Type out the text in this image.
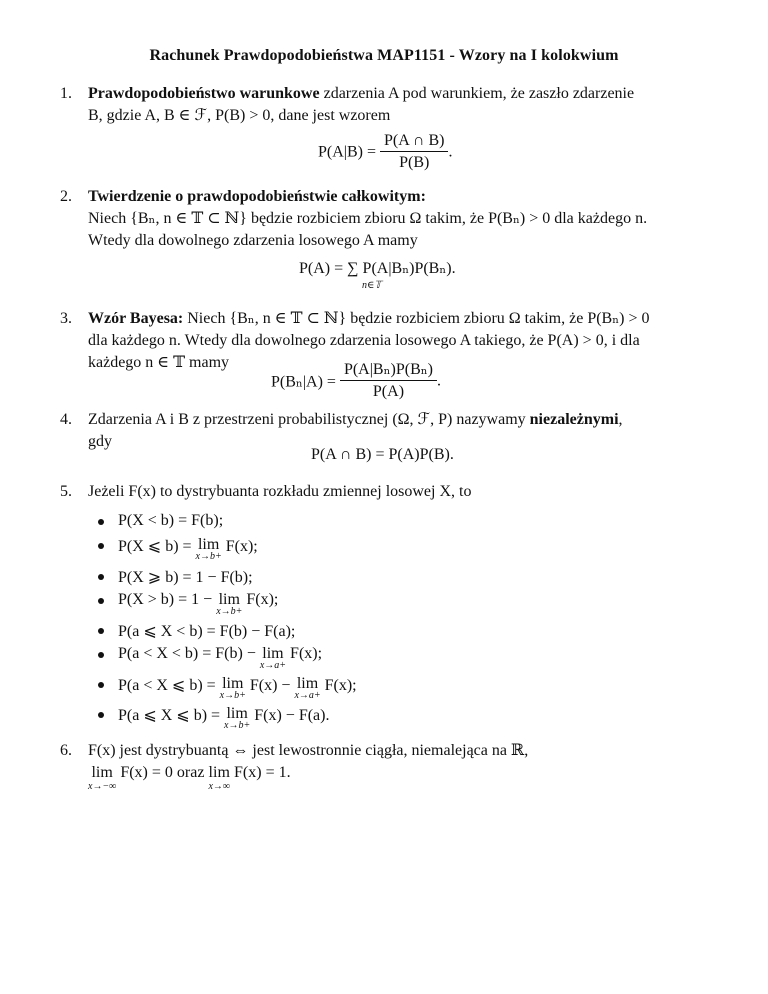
Rachunek Prawdopodobieństwa MAP1151 - Wzory na I kolokwium
1. Prawdopodobieństwo warunkowe zdarzenia A pod warunkiem, że zaszło zdarzenie
B, gdzie A, B ∈ ℱ, P(B) > 0, dane jest wzorem
$P(A|B) = \frac{P(A \cap B)}{P(B)}$ .
2. Twierdzenie o prawdopodobieństwie całkowitym:
Niech {Bₙ, n ∈ 𝕋 ⊂ ℕ} będzie rozbiciem zbioru Ω takim, że P(Bₙ) > 0 dla każdego n.
Wtedy dla dowolnego zdarzenia losowego A mamy
P(A) = ∑ P(A|Bₙ)P(Bₙ).
n∈𝕋
3. Wzór Bayesa: Niech {Bₙ, n ∈ 𝕋 ⊂ ℕ} będzie rozbiciem zbioru Ω takim, że P(Bₙ) > 0
dla każdego n. Wtedy dla dowolnego zdarzenia losowego A takiego, że P(A) > 0, i dla
każdego n ∈ 𝕋 mamy
$P(B_n|A) = \frac{\text{P(A|Bₙ)P(Bₙ)}}{P(A)}$ .
4. Zdarzenia A i B z przestrzeni probabilistycznej (Ω, ℱ, P) nazywamy niezależnymi,
gdy
P(A ∩ B) = P(A)P(B).
5. Jeżeli F(x) to dystrybuanta rozkładu zmiennej losowej X, to
P(X < b) = F(b);
P(X ⩽ b) = lim
x→b+
F(x);
P(X ⩾ b) = 1 − F(b);
P(X > b) = 1 − lim
x→b+
F(x);
P(a ⩽ X < b) = F(b) − F(a);
P(a < X < b) = F(b) − lim
x→a+
F(x);
P(a < X ⩽ b) = lim
x→b+
F(x) − lim
x→a+
F(x);
P(a ⩽ X ⩽ b) = lim
x→b+
F(x) − F(a).
6. F(x) jest dystrybuantą ⇔ jest lewostronnie ciągła, niemalejąca na ℝ,
lim
x→−∞
F(x) = 0 oraz lim
x→∞
F(x) = 1.
